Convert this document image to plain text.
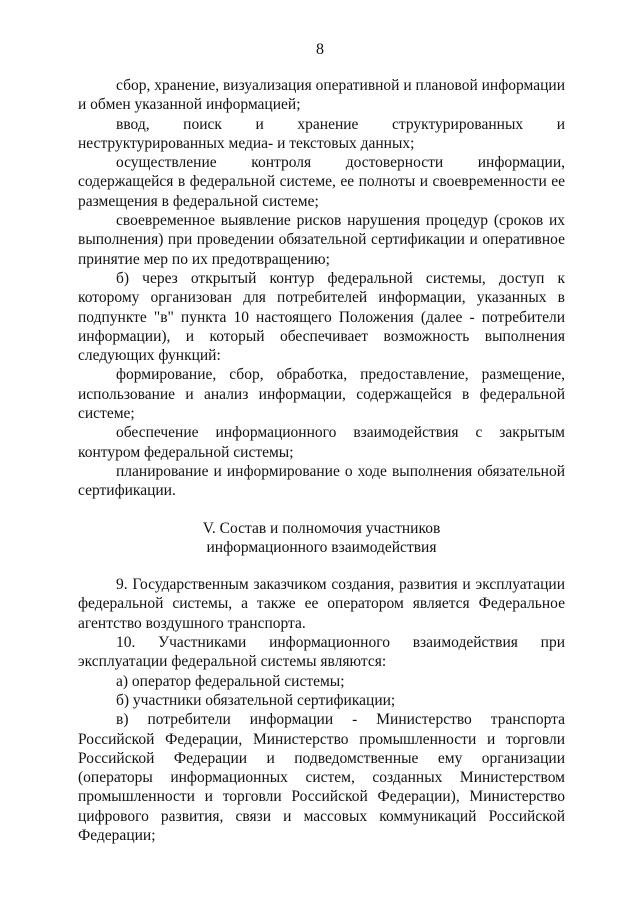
8

сбор, хранение, визуализация оперативной и плановой информации и обмен указанной информацией;

ввод, поиск и хранение структурированных и неструктурированных медиа- и текстовых данных;

осуществление контроля достоверности информации, содержащейся в федеральной системе, ее полноты и своевременности ее размещения в федеральной системе;

своевременное выявление рисков нарушения процедур (сроков их выполнения) при проведении обязательной сертификации и оперативное принятие мер по их предотвращению;

б) через открытый контур федеральной системы, доступ к которому организован для потребителей информации, указанных в подпункте "в" пункта 10 настоящего Положения (далее - потребители информации), и который обеспечивает возможность выполнения следующих функций:

формирование, сбор, обработка, предоставление, размещение, использование и анализ информации, содержащейся в федеральной системе;

обеспечение информационного взаимодействия с закрытым контуром федеральной системы;

планирование и информирование о ходе выполнения обязательной сертификации.

V. Состав и полномочия участников
информационного взаимодействия

9. Государственным заказчиком создания, развития и эксплуатации федеральной системы, а также ее оператором является Федеральное агентство воздушного транспорта.

10. Участниками информационного взаимодействия при эксплуатации федеральной системы являются:

а) оператор федеральной системы;

б) участники обязательной сертификации;

в) потребители информации - Министерство транспорта Российской Федерации, Министерство промышленности и торговли Российской Федерации и подведомственные ему организации (операторы информационных систем, созданных Министерством промышленности и торговли Российской Федерации), Министерство цифрового развития, связи и массовых коммуникаций Российской Федерации;
